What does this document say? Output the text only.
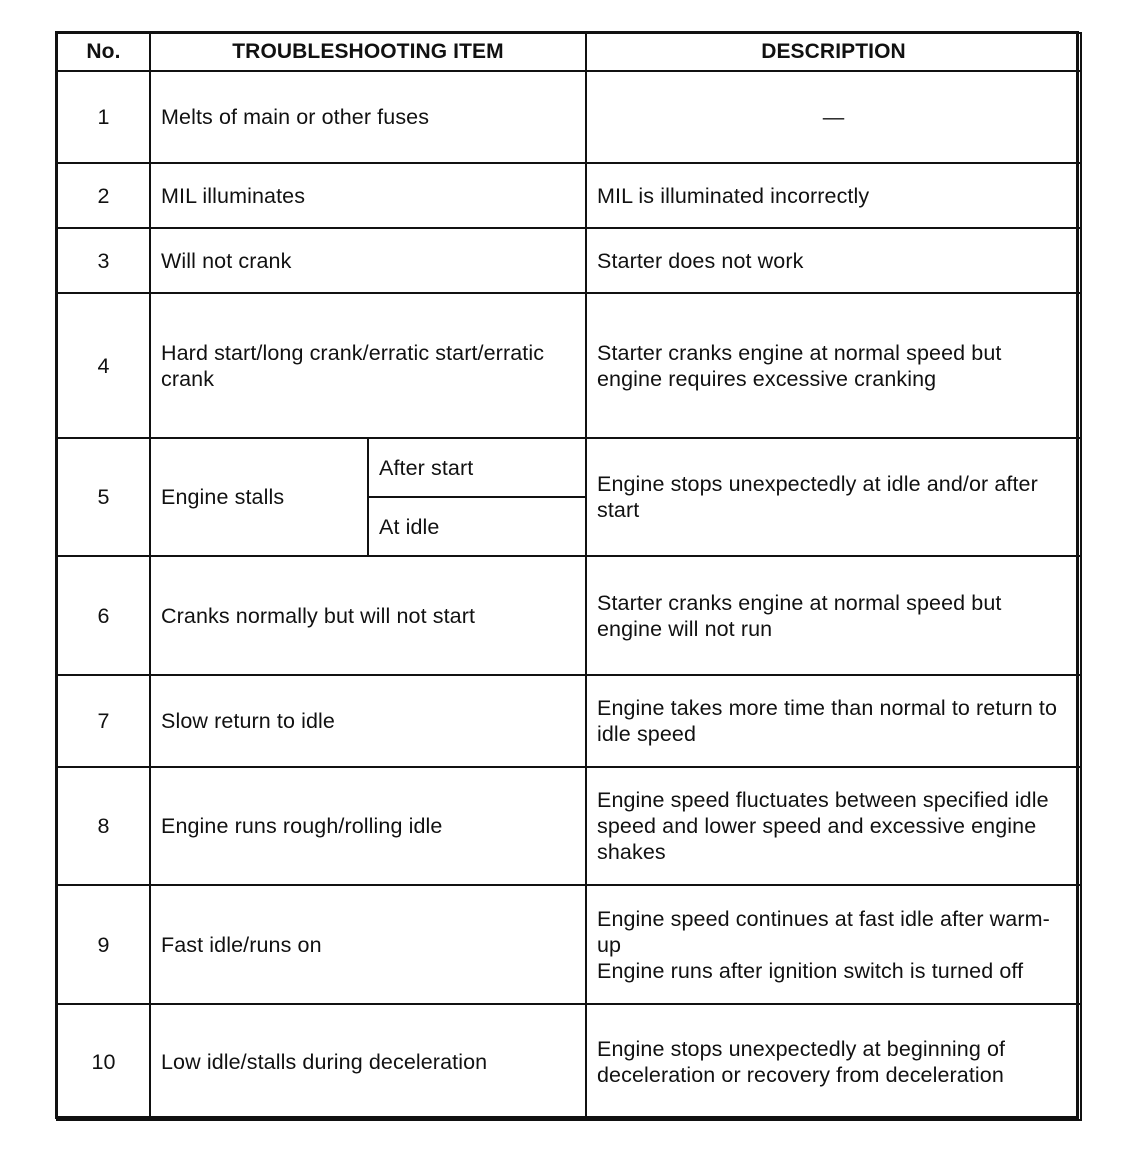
No.	TROUBLESHOOTING ITEM		DESCRIPTION
1	Melts of main or other fuses		—
2	MIL illuminates		MIL is illuminated incorrectly
3	Will not crank		Starter does not work
4	Hard start/long crank/erratic start/erratic crank		Starter cranks engine at normal speed but engine requires excessive cranking
5	Engine stalls	After start	Engine stops unexpectedly at idle and/or after start
		At idle	
6	Cranks normally but will not start		Starter cranks engine at normal speed but engine will not run
7	Slow return to idle		Engine takes more time than normal to return to idle speed
8	Engine runs rough/rolling idle		Engine speed fluctuates between specified idle speed and lower speed and excessive engine shakes
9	Fast idle/runs on		Engine speed continues at fast idle after warm-up
Engine runs after ignition switch is turned off

10	Low idle/stalls during deceleration		Engine stops unexpectedly at beginning of deceleration or recovery from deceleration
